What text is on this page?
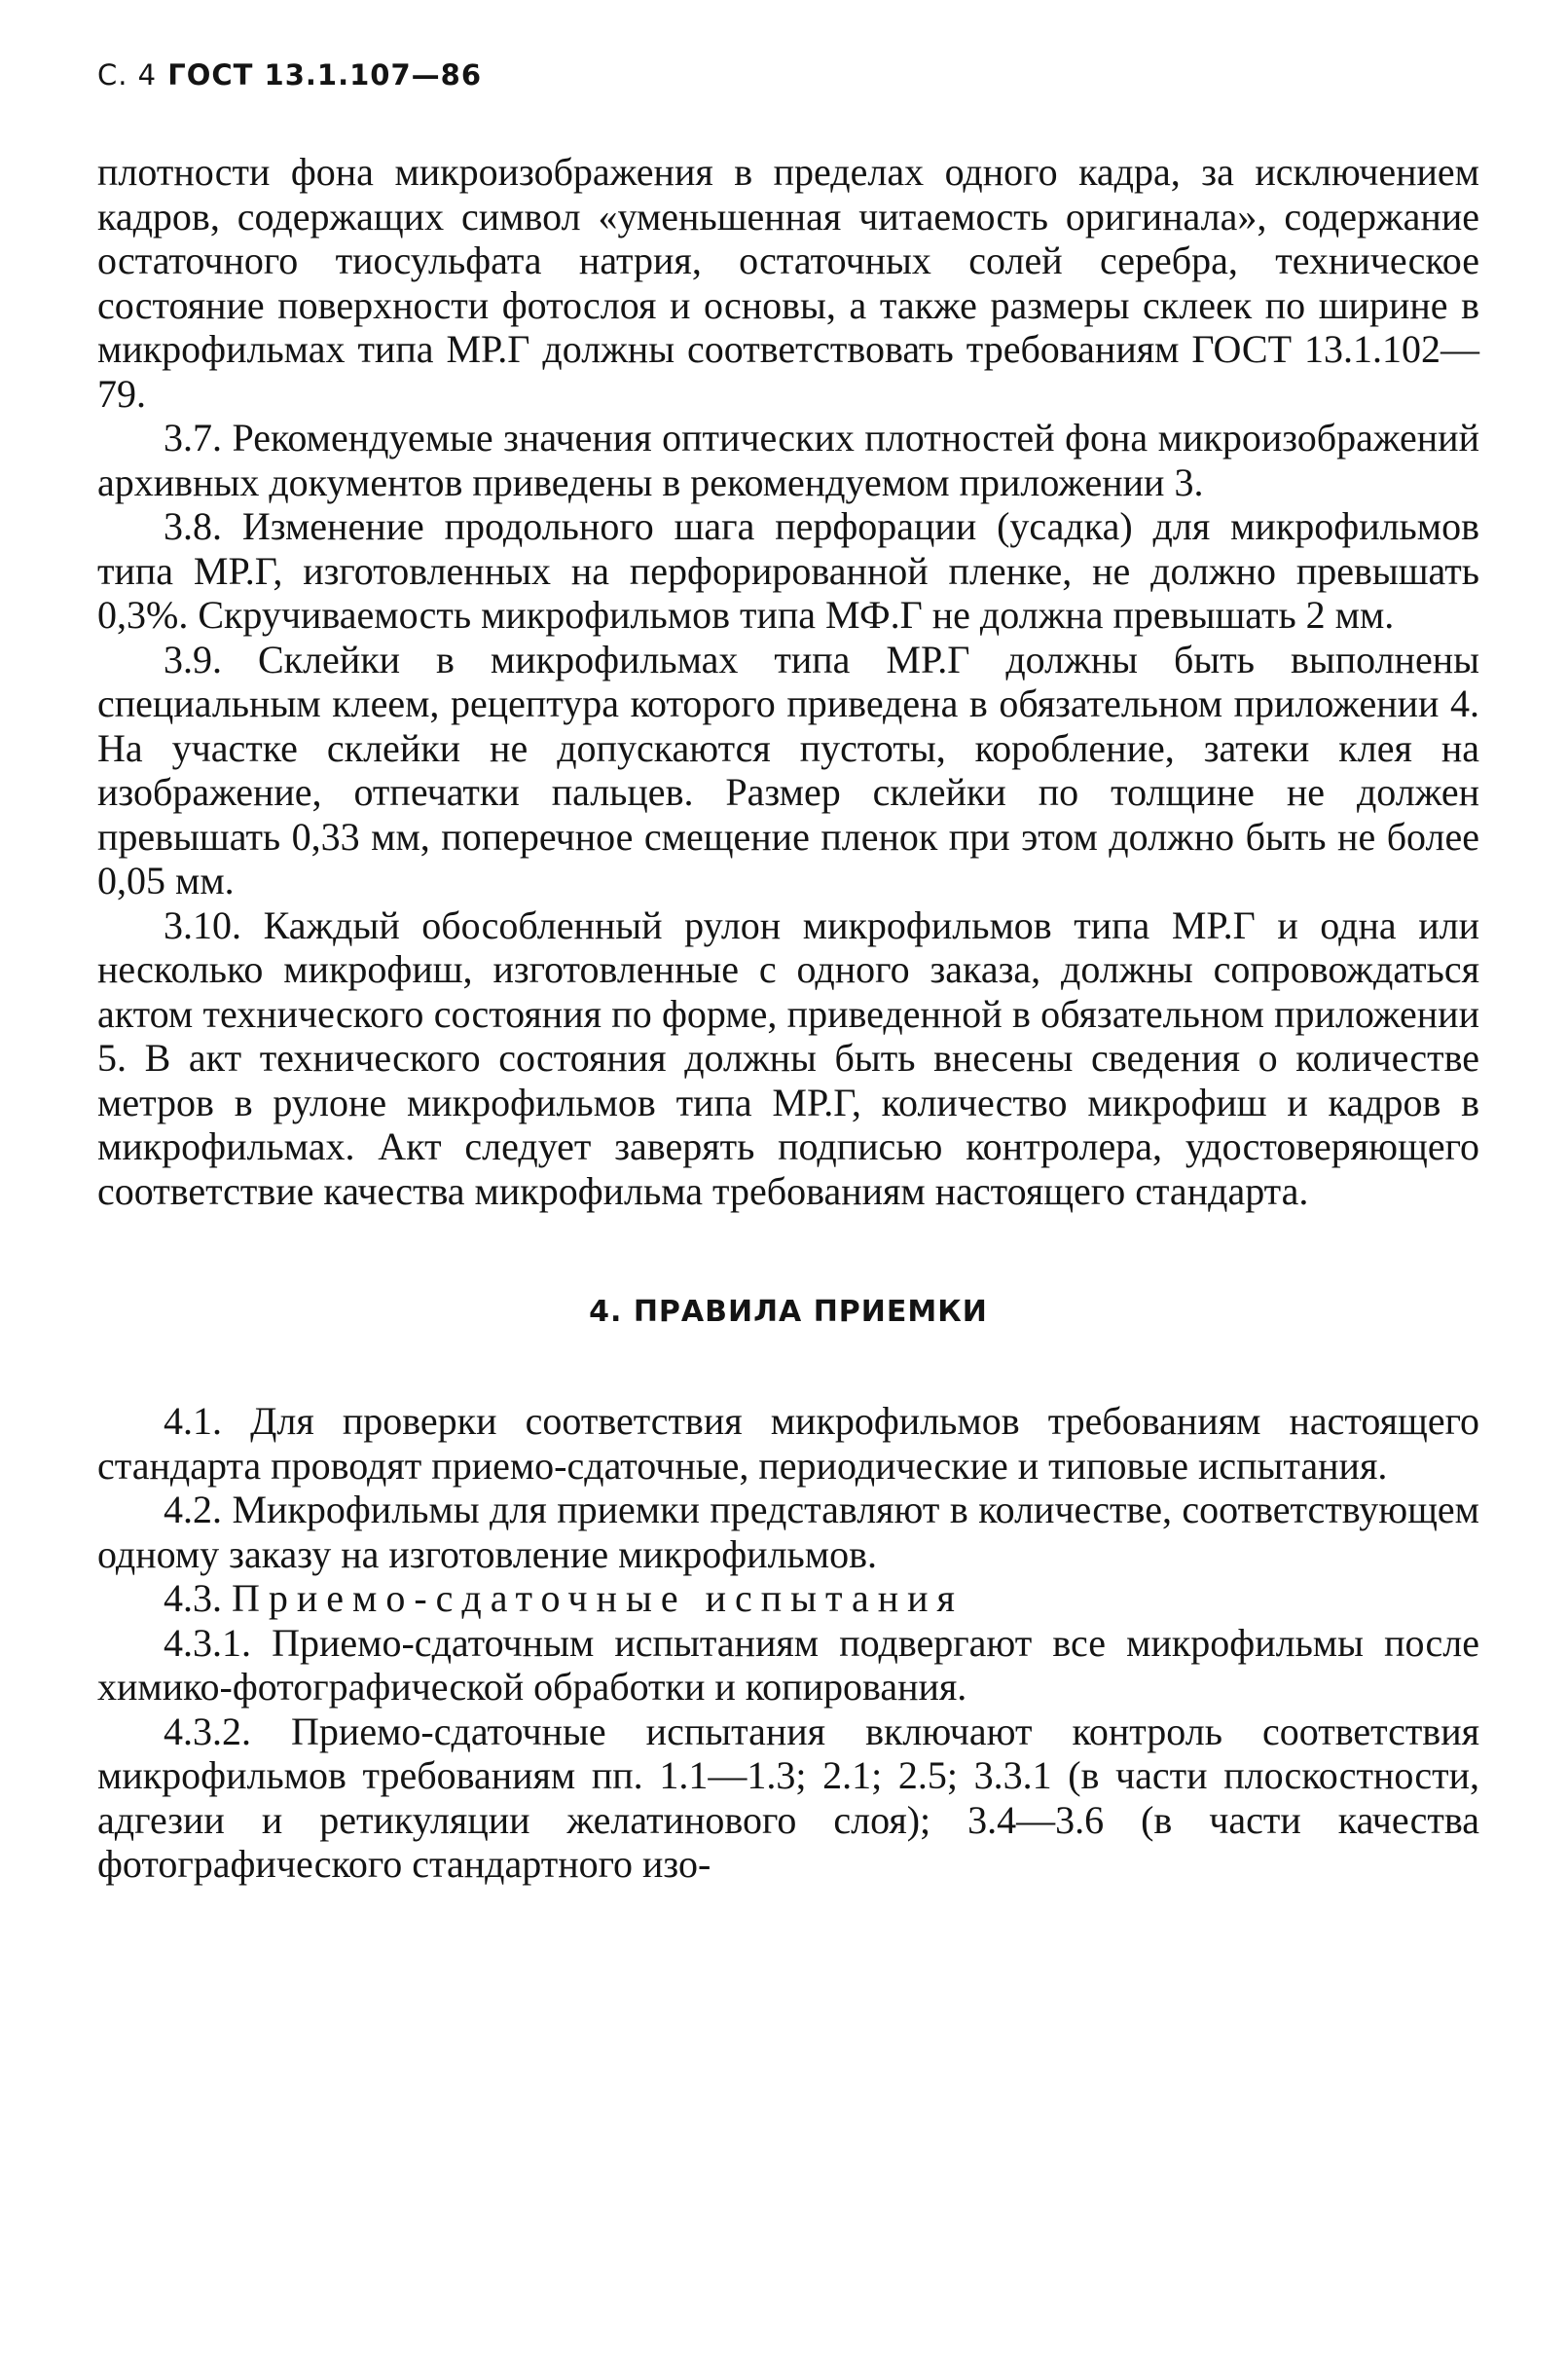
С. 4 ГОСТ 13.1.107—86

плотности фона микроизображения в пределах одного кадра, за исключением кадров, содержащих символ «уменьшенная читаемость оригинала», содержание остаточного тиосульфата натрия, остаточных солей серебра, техническое состояние поверхности фотослоя и основы, а также размеры склеек по ширине в микрофильмах типа МР.Г должны соответствовать требованиям ГОСТ 13.1.102—79.

3.7. Рекомендуемые значения оптических плотностей фона микроизображений архивных документов приведены в рекомендуемом приложении 3.

3.8. Изменение продольного шага перфорации (усадка) для микрофильмов типа МР.Г, изготовленных на перфорированной пленке, не должно превышать 0,3%. Скручиваемость микрофильмов типа МФ.Г не должна превышать 2 мм.

3.9. Склейки в микрофильмах типа МР.Г должны быть выполнены специальным клеем, рецептура которого приведена в обязательном приложении 4. На участке склейки не допускаются пустоты, коробление, затеки клея на изображение, отпечатки пальцев. Размер склейки по толщине не должен превышать 0,33 мм, поперечное смещение пленок при этом должно быть не более 0,05 мм.

3.10. Каждый обособленный рулон микрофильмов типа МР.Г и одна или несколько микрофиш, изготовленные с одного заказа, должны сопровождаться актом технического состояния по форме, приведенной в обязательном приложении 5. В акт технического состояния должны быть внесены сведения о количестве метров в рулоне микрофильмов типа МР.Г, количество микрофиш и кадров в микрофильмах. Акт следует заверять подписью контролера, удостоверяющего соответствие качества микрофильма требованиям настоящего стандарта.

4. ПРАВИЛА ПРИЕМКИ

4.1. Для проверки соответствия микрофильмов требованиям настоящего стандарта проводят приемо-сдаточные, периодические и типовые испытания.

4.2. Микрофильмы для приемки представляют в количестве, соответствующем одному заказу на изготовление микрофильмов.

4.3. Приемо-сдаточные испытания

4.3.1. Приемо-сдаточным испытаниям подвергают все микрофильмы после химико-фотографической обработки и копирования.

4.3.2. Приемо-сдаточные испытания включают контроль соответствия микрофильмов требованиям пп. 1.1—1.3; 2.1; 2.5; 3.3.1 (в части плоскостности, адгезии и ретикуляции желатинового слоя); 3.4—3.6 (в части качества фотографического стандартного изо-
